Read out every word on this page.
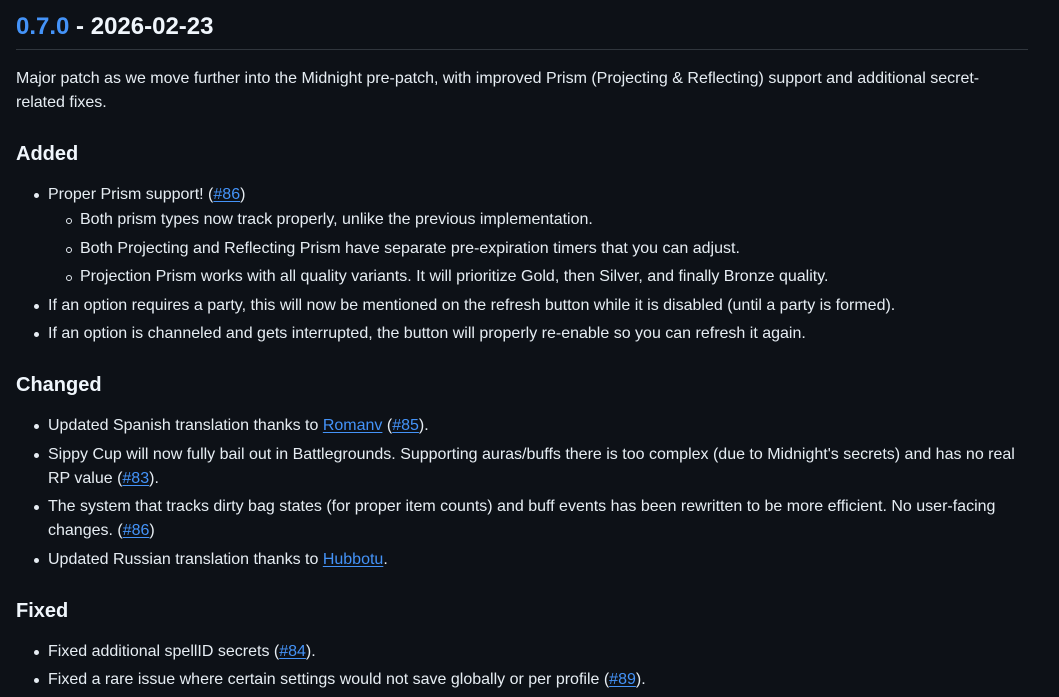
0.7.0 - 2026-02-23

Major patch as we move further into the Midnight pre-patch, with improved Prism (Projecting & Reflecting) support and additional secret-related fixes.

Added
Proper Prism support! (#86)
Both prism types now track properly, unlike the previous implementation.
Both Projecting and Reflecting Prism have separate pre-expiration timers that you can adjust.
Projection Prism works with all quality variants. It will prioritize Gold, then Silver, and finally Bronze quality.
If an option requires a party, this will now be mentioned on the refresh button while it is disabled (until a party is formed).
If an option is channeled and gets interrupted, the button will properly re-enable so you can refresh it again.
Changed
Updated Spanish translation thanks to Romanv (#85).
Sippy Cup will now fully bail out in Battlegrounds. Supporting auras/buffs there is too complex (due to Midnight's secrets) and has no real RP value (#83).
The system that tracks dirty bag states (for proper item counts) and buff events has been rewritten to be more efficient. No user-facing changes. (#86)
Updated Russian translation thanks to Hubbotu.
Fixed
Fixed additional spellID secrets (#84).
Fixed a rare issue where certain settings would not save globally or per profile (#89).
